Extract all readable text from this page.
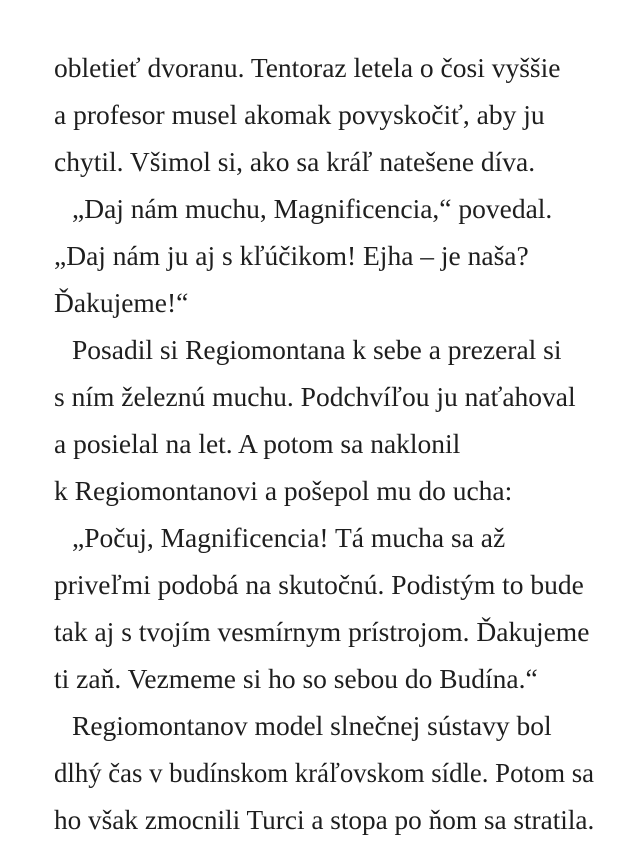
obletieť dvoranu. Tentoraz letela o čosi vyššie
a profesor musel akomak povyskočiť, aby ju
chytil. Všimol si, ako sa kráľ natešene díva.
„Daj nám muchu, Magnificencia,“ povedal.
„Daj nám ju aj s kľúčikom! Ejha – je naša?
Ďakujeme!“
Posadil si Regiomontana k sebe a prezeral si
s ním železnú muchu. Podchvíľou ju naťahoval
a posielal na let. A potom sa naklonil
k Regiomontanovi a pošepol mu do ucha:
„Počuj, Magnificencia! Tá mucha sa až
priveľmi podobá na skutočnú. Podistým to bude
tak aj s tvojím vesmírnym prístrojom. Ďakujeme
ti zaň. Vezmeme si ho so sebou do Budína.“
Regiomontanov model slnečnej sústavy bol
dlhý čas v budínskom kráľovskom sídle. Potom sa
ho však zmocnili Turci a stopa po ňom sa stratila.
